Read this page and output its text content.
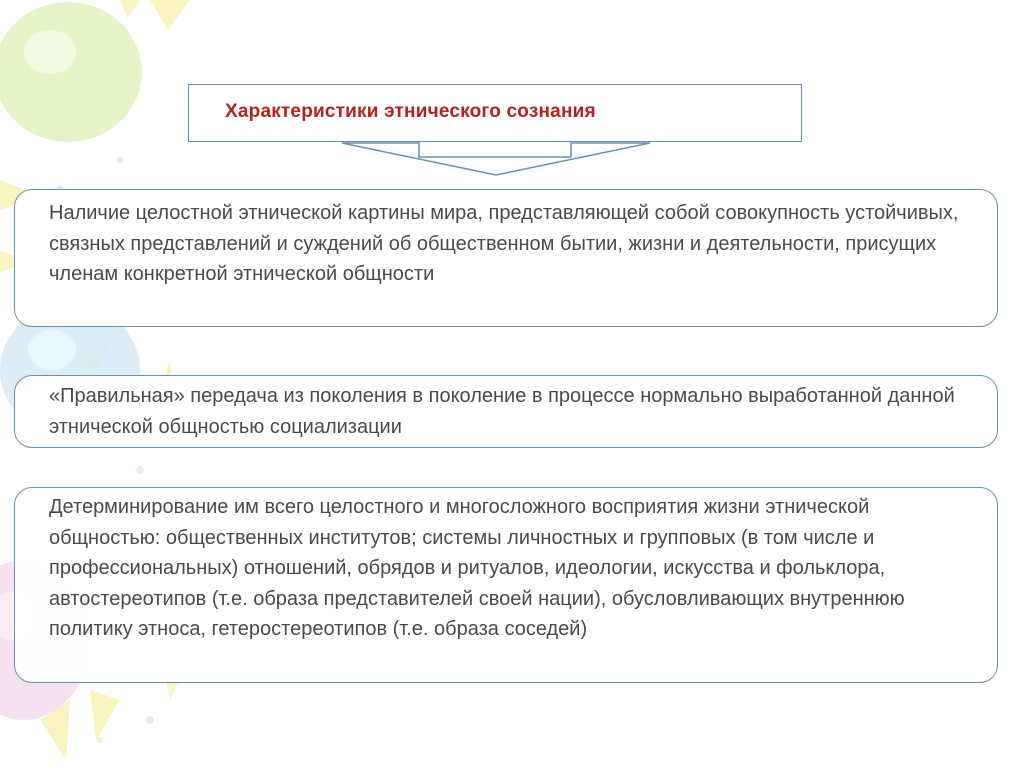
Характеристики этнического сознания

Наличие целостной этнической картины мира, представляющей собой совокупность устойчивых, связных представлений и суждений об общественном бытии, жизни и деятельности, присущих членам конкретной этнической общности

«Правильная» передача из поколения в поколение в процессе нормально выработанной данной этнической общностью социализации

Детерминирование им всего целостного и многосложного восприятия жизни этнической общностью: общественных институтов; системы личностных и групповых (в том числе и профессиональных) отношений, обрядов и ритуалов, идеологии, искусства и фольклора, автостереотипов (т.е. образа представителей своей нации), обусловливающих внутреннюю политику этноса, гетеростереотипов (т.е. образа соседей)
